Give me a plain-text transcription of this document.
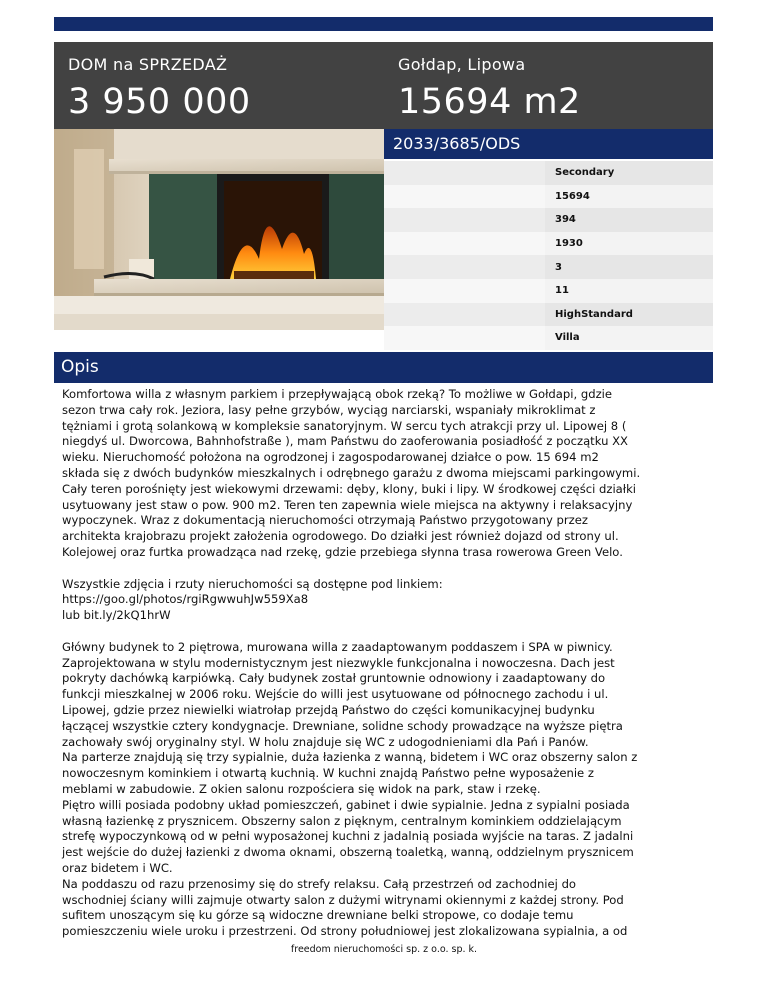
DOM na SPRZEDAŻ
3 950 000
Gołdap, Lipowa
15694 m2
2033/3685/ODS
Secondary
15694
394
1930
3
11
HighStandard
Villa
Opis

Komfortowa willa z własnym parkiem i przepływającą obok rzeką? To możliwe w Gołdapi, gdzie
sezon trwa cały rok. Jeziora, lasy pełne grzybów, wyciąg narciarski, wspaniały mikroklimat z
tężniami i grotą solankową w kompleksie sanatoryjnym. W sercu tych atrakcji przy ul. Lipowej 8 (
niegdyś ul. Dworcowa, Bahnhofstraße ), mam Państwu do zaoferowania posiadłość z początku XX
wieku. Nieruchomość położona na ogrodzonej i zagospodarowanej działce o pow. 15 694 m2
składa się z dwóch budynków mieszkalnych i odrębnego garażu z dwoma miejscami parkingowymi.
Cały teren porośnięty jest wiekowymi drzewami: dęby, klony, buki i lipy. W środkowej części działki
usytuowany jest staw o pow. 900 m2. Teren ten zapewnia wiele miejsca na aktywny i relaksacyjny
wypoczynek. Wraz z dokumentacją nieruchomości otrzymają Państwo przygotowany przez
architekta krajobrazu projekt założenia ogrodowego. Do działki jest również dojazd od strony ul.
Kolejowej oraz furtka prowadząca nad rzekę, gdzie przebiega słynna trasa rowerowa Green Velo.

Wszystkie zdjęcia i rzuty nieruchomości są dostępne pod linkiem:
https://goo.gl/photos/rgiRgwwuhJw559Xa8
lub bit.ly/2kQ1hrW

Główny budynek to 2 piętrowa, murowana willa z zaadaptowanym poddaszem i SPA w piwnicy.
Zaprojektowana w stylu modernistycznym jest niezwykle funkcjonalna i nowoczesna. Dach jest
pokryty dachówką karpiówką. Cały budynek został gruntownie odnowiony i zaadaptowany do
funkcji mieszkalnej w 2006 roku. Wejście do willi jest usytuowane od północnego zachodu i ul.
Lipowej, gdzie przez niewielki wiatrołap przejdą Państwo do części komunikacyjnej budynku
łączącej wszystkie cztery kondygnacje. Drewniane, solidne schody prowadzące na wyższe piętra
zachowały swój oryginalny styl. W holu znajduje się WC z udogodnieniami dla Pań i Panów.
Na parterze znajdują się trzy sypialnie, duża łazienka z wanną, bidetem i WC oraz obszerny salon z
nowoczesnym kominkiem i otwartą kuchnią. W kuchni znajdą Państwo pełne wyposażenie z
meblami w zabudowie. Z okien salonu rozpościera się widok na park, staw i rzekę.
Piętro willi posiada podobny układ pomieszczeń, gabinet i dwie sypialnie. Jedna z sypialni posiada
własną łazienkę z prysznicem. Obszerny salon z pięknym, centralnym kominkiem oddzielającym
strefę wypoczynkową od w pełni wyposażonej kuchni z jadalnią posiada wyjście na taras. Z jadalni
jest wejście do dużej łazienki z dwoma oknami, obszerną toaletką, wanną, oddzielnym prysznicem
oraz bidetem i WC.
Na poddaszu od razu przenosimy się do strefy relaksu. Całą przestrzeń od zachodniej do
wschodniej ściany willi zajmuje otwarty salon z dużymi witrynami okiennymi z każdej strony. Pod
sufitem unoszącym się ku górze są widoczne drewniane belki stropowe, co dodaje temu
pomieszczeniu wiele uroku i przestrzeni. Od strony południowej jest zlokalizowana sypialnia, a od

freedom nieruchomości sp. z o.o. sp. k.
